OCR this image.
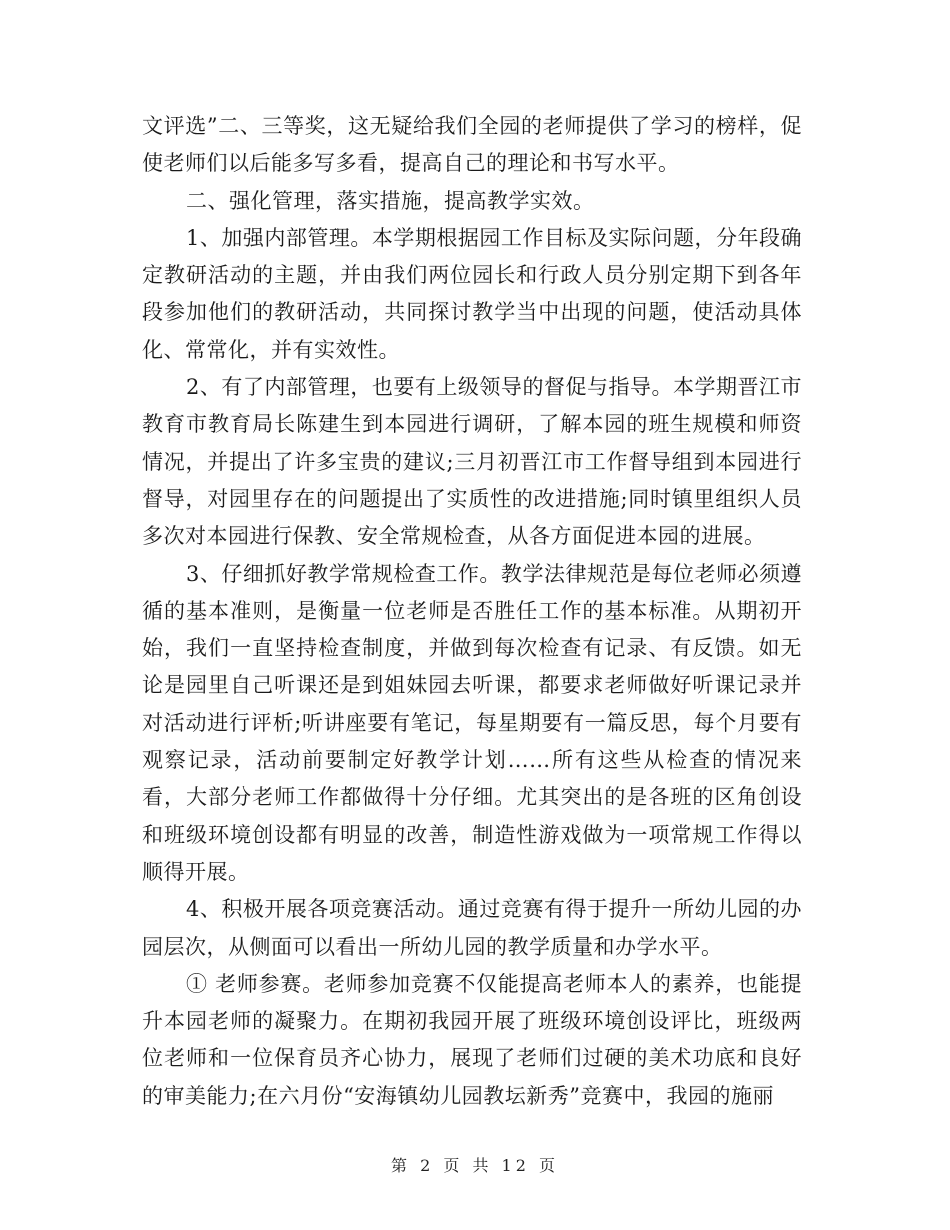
文评选”二、三等奖，这无疑给我们全园的老师提供了学习的榜样，促使老师们以后能多写多看，提高自己的理论和书写水平。

二、强化管理，落实措施，提高教学实效。

1、加强内部管理。本学期根据园工作目标及实际问题，分年段确定教研活动的主题，并由我们两位园长和行政人员分别定期下到各年段参加他们的教研活动，共同探讨教学当中出现的问题，使活动具体化、常常化，并有实效性。

2、有了内部管理，也要有上级领导的督促与指导。本学期晋江市教育市教育局长陈建生到本园进行调研，了解本园的班生规模和师资情况，并提出了许多宝贵的建议;三月初晋江市工作督导组到本园进行督导，对园里存在的问题提出了实质性的改进措施;同时镇里组织人员多次对本园进行保教、安全常规检查，从各方面促进本园的进展。

3、仔细抓好教学常规检查工作。教学法律规范是每位老师必须遵循的基本准则，是衡量一位老师是否胜任工作的基本标准。从期初开始，我们一直坚持检查制度，并做到每次检查有记录、有反馈。如无论是园里自己听课还是到姐妹园去听课，都要求老师做好听课记录并对活动进行评析;听讲座要有笔记，每星期要有一篇反思，每个月要有观察记录，活动前要制定好教学计划……所有这些从检查的情况来看，大部分老师工作都做得十分仔细。尤其突出的是各班的区角创设和班级环境创设都有明显的改善，制造性游戏做为一项常规工作得以顺得开展。

4、积极开展各项竞赛活动。通过竞赛有得于提升一所幼儿园的办园层次，从侧面可以看出一所幼儿园的教学质量和办学水平。

① 老师参赛。老师参加竞赛不仅能提高老师本人的素养，也能提升本园老师的凝聚力。在期初我园开展了班级环境创设评比，班级两位老师和一位保育员齐心协力，展现了老师们过硬的美术功底和良好的审美能力;在六月份“安海镇幼儿园教坛新秀”竞赛中，我园的施丽

第 2 页 共 12 页
